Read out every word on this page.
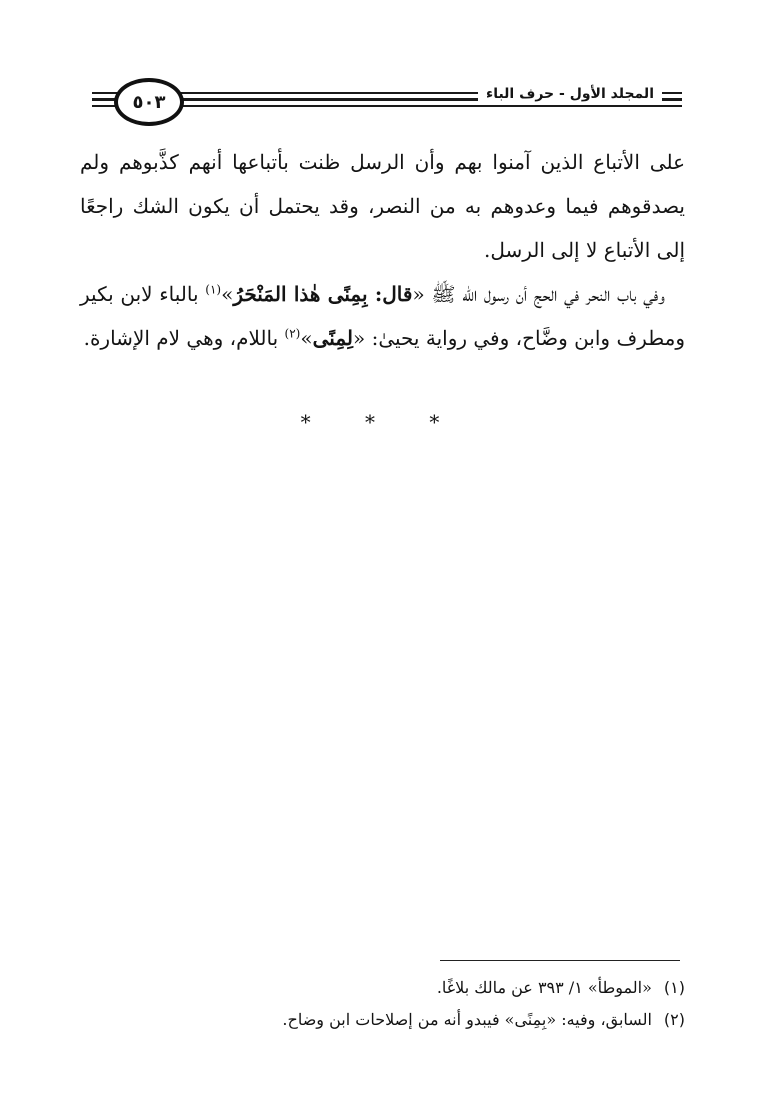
٥٠٣	المجلد الأول - حرف الباء

على الأتباع الذين آمنوا بهم وأن الرسل ظنت بأتباعها أنهم كذَّبوهم ولم يصدقوهم فيما وعدوهم به من النصر، وقد يحتمل أن يكون الشك راجعًا إلى الأتباع لا إلى الرسل.

وفي باب النحر في الحج أن رسول الله ﷺ «قال: بِمِنًى هٰذا المَنْحَرُ»$^{(١)}$ بالباء لابن بكير ومطرف وابن وضَّاح، وفي رواية يحيىٰ: «لِمِنًى»$^{(٢)}$ باللام، وهي لام الإشارة.

* * *

(١)«الموطأ» ١/ ٣٩٣ عن مالك بلاغًا.

(٢)السابق، وفيه: «بِمِنًى» فيبدو أنه من إصلاحات ابن وضاح.
